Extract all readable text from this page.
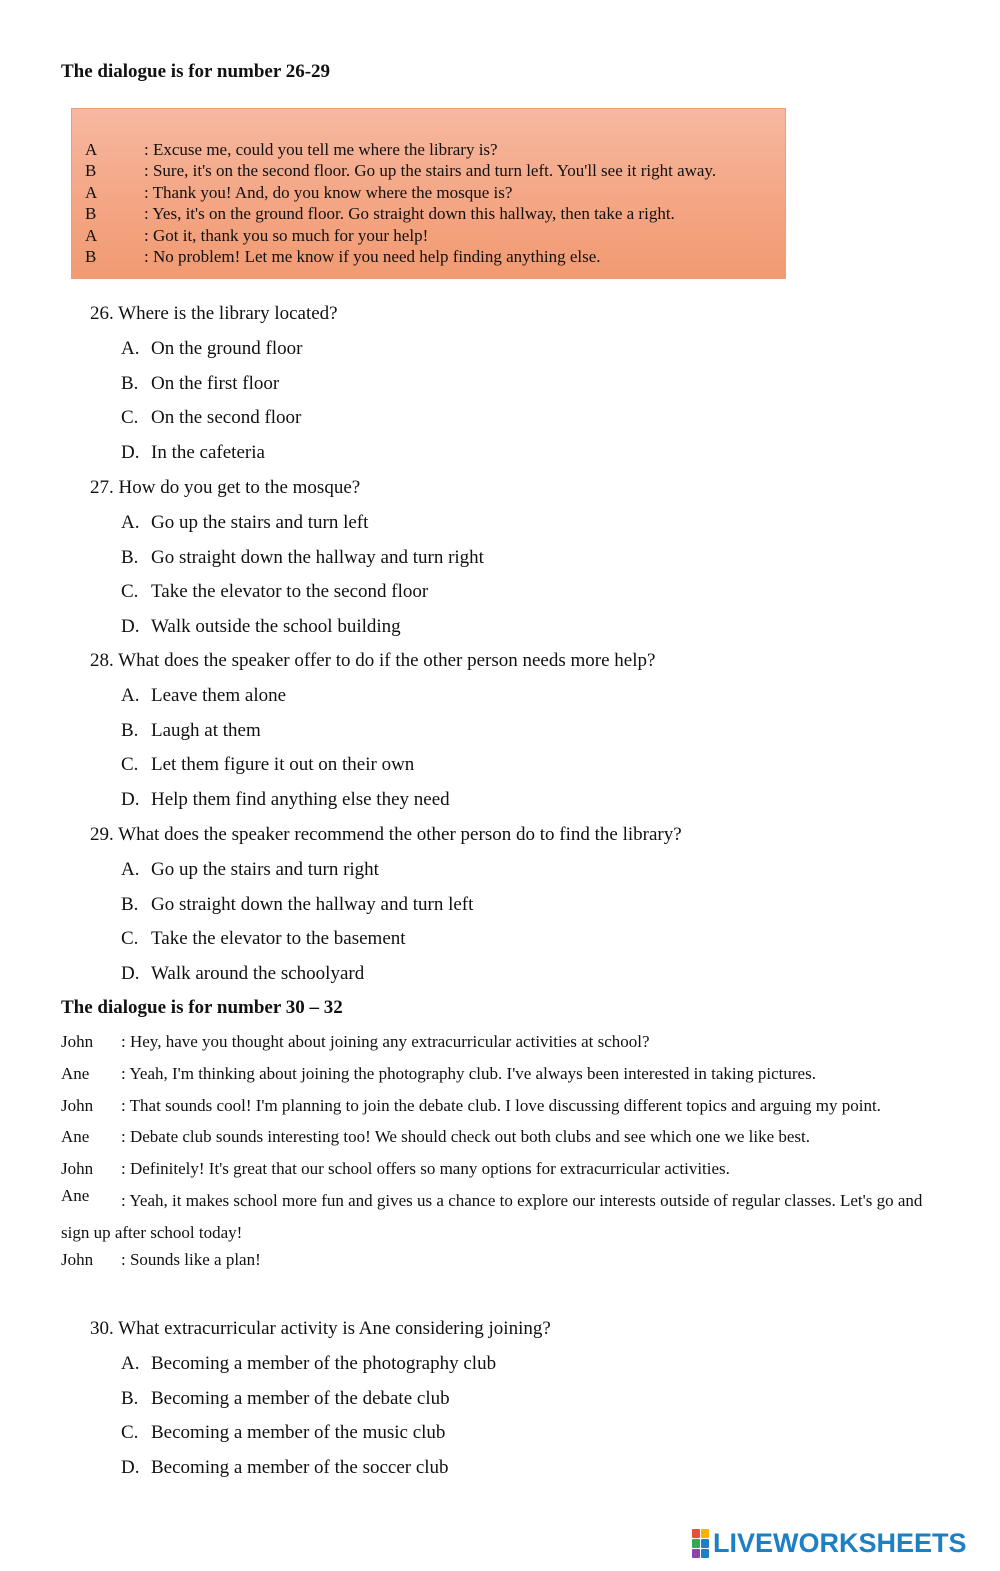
The dialogue is for number 26-29

A	: Excuse me, could you tell me where the library is?
B	: Sure, it's on the second floor. Go up the stairs and turn left. You'll see it right away.
A	: Thank you! And, do you know where the mosque is?
B	: Yes, it's on the ground floor. Go straight down this hallway, then take a right.
A	: Got it, thank you so much for your help!
B	: No problem! Let me know if you need help finding anything else.

26. Where is the library located?

A. On the ground floor
B. On the first floor
C. On the second floor
D. In the cafeteria

27. How do you get to the mosque?

A. Go up the stairs and turn left
B. Go straight down the hallway and turn right
C. Take the elevator to the second floor
D. Walk outside the school building

28. What does the speaker offer to do if the other person needs more help?

A. Leave them alone
B. Laugh at them
C. Let them figure it out on their own
D. Help them find anything else they need

29. What does the speaker recommend the other person do to find the library?

A. Go up the stairs and turn right
B. Go straight down the hallway and turn left
C. Take the elevator to the basement
D. Walk around the schoolyard

The dialogue is for number 30 – 32

John : Hey, have you thought about joining any extracurricular activities at school?
Ane : Yeah, I'm thinking about joining the photography club. I've always been interested in taking pictures.
John : That sounds cool! I'm planning to join the debate club. I love discussing different topics and arguing my point.
Ane : Debate club sounds interesting too! We should check out both clubs and see which one we like best.
John : Definitely! It's great that our school offers so many options for extracurricular activities.
Ane	: Yeah, it makes school more fun and gives us a chance to explore our interests outside of regular classes. Let's go and sign up after school today!
John : Sounds like a plan!

30. What extracurricular activity is Ane considering joining?

A. Becoming a member of the photography club
B. Becoming a member of the debate club
C. Becoming a member of the music club
D. Becoming a member of the soccer club
LIVEWORKSHEETS
